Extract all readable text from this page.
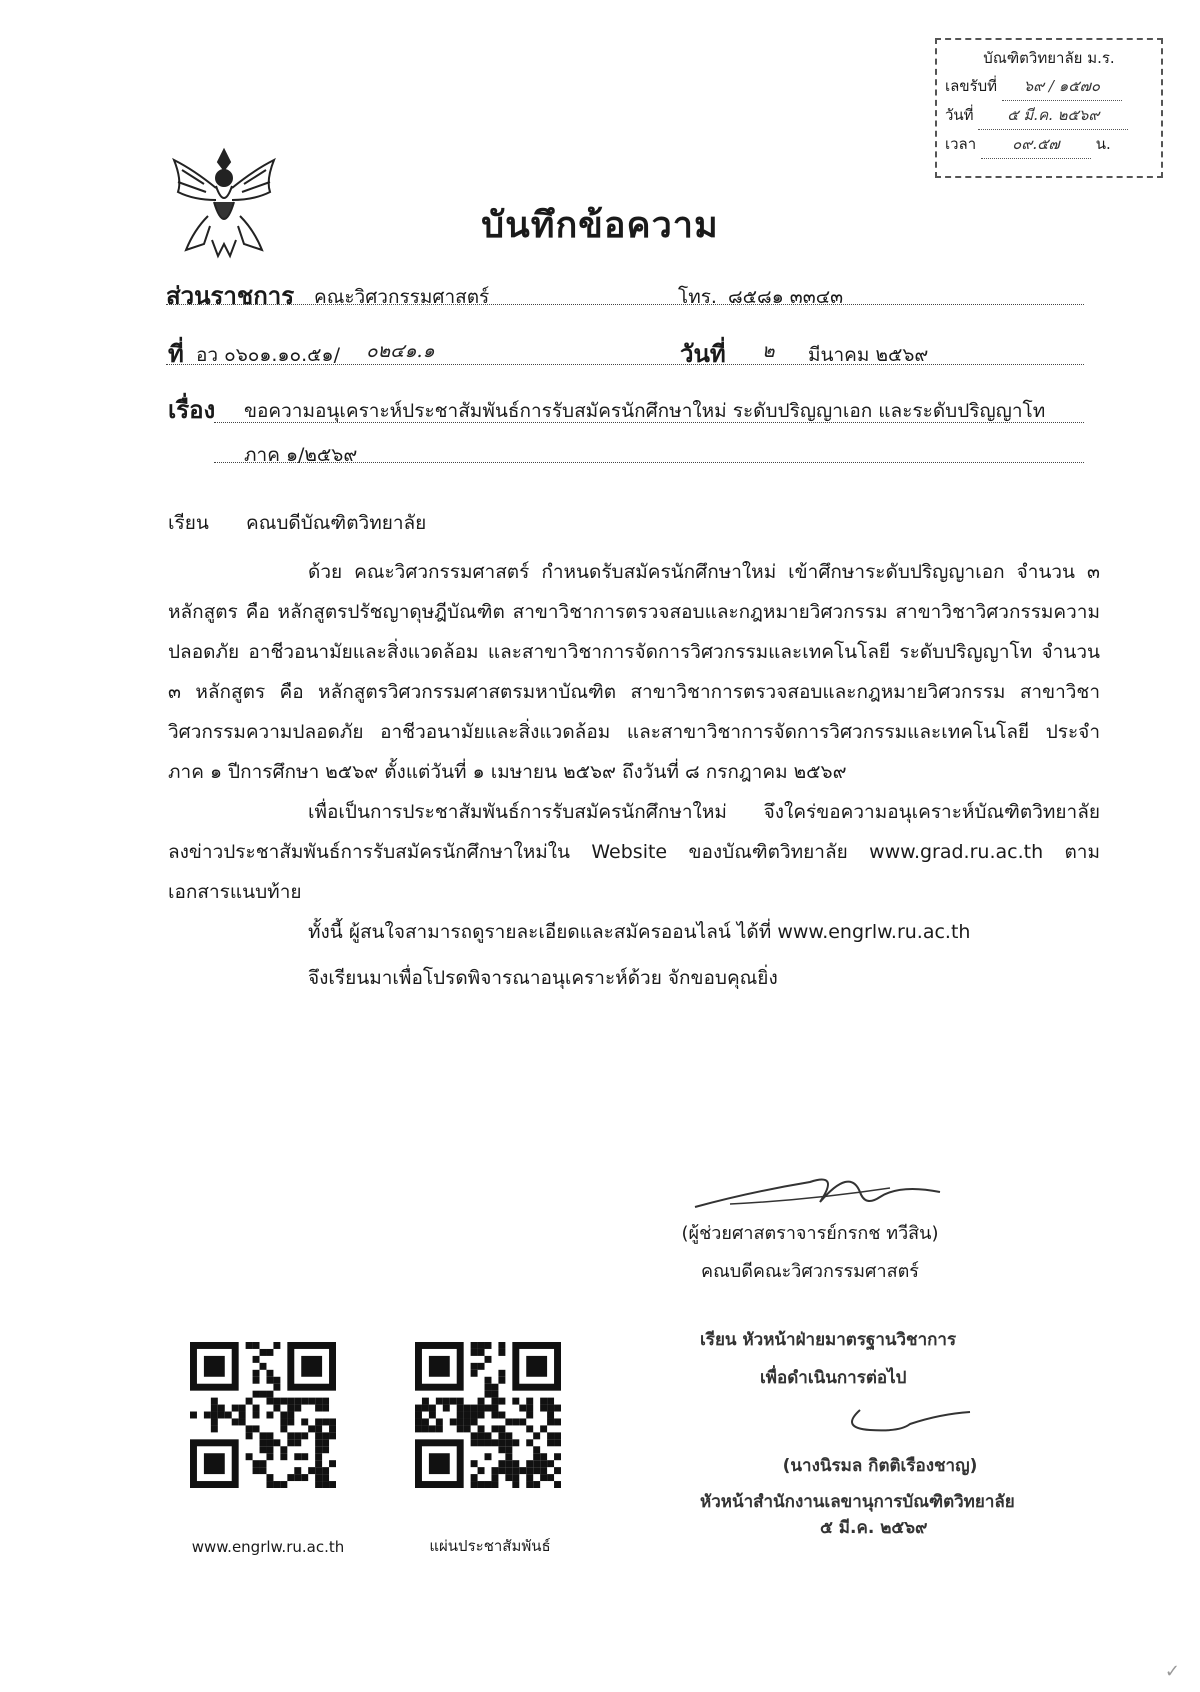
บัณฑิตวิทยาลัย ม.ร.
เลขรับที่ ๖๙ / ๑๕๗๐
วันที่ ๕ มี.ค. ๒๕๖๙
เวลา ๐๙.๕๗ น.
บันทึกข้อความ
ส่วนราชการ คณะวิศวกรรมศาสตร์	โทร. ๘๕๘๑ ๓๓๔๓
ที่ อว ๐๖๐๑.๑๐.๕๑/ ๐๒๔๑.๑	วันที่ ๒ มีนาคม ๒๕๖๙
เรื่อง ขอความอนุเคราะห์ประชาสัมพันธ์การรับสมัครนักศึกษาใหม่ ระดับปริญญาเอก และระดับปริญญาโท
ภาค ๑/๒๕๖๙
เรียน คณบดีบัณฑิตวิทยาลัย

ด้วย คณะวิศวกรรมศาสตร์ กำหนดรับสมัครนักศึกษาใหม่ เข้าศึกษาระดับปริญญาเอก จำนวน ๓ หลักสูตร คือ หลักสูตรปรัชญาดุษฎีบัณฑิต สาขาวิชาการตรวจสอบและกฎหมายวิศวกรรม สาขาวิชาวิศวกรรมความปลอดภัย อาชีวอนามัยและสิ่งแวดล้อม และสาขาวิชาการจัดการวิศวกรรมและเทคโนโลยี ระดับปริญญาโท จำนวน ๓ หลักสูตร คือ หลักสูตรวิศวกรรมศาสตรมหาบัณฑิต สาขาวิชาการตรวจสอบและกฎหมายวิศวกรรม สาขาวิชาวิศวกรรมความปลอดภัย อาชีวอนามัยและสิ่งแวดล้อม และสาขาวิชาการจัดการวิศวกรรมและเทคโนโลยี ประจำภาค ๑ ปีการศึกษา ๒๕๖๙ ตั้งแต่วันที่ ๑ เมษายน ๒๕๖๙ ถึงวันที่ ๘ กรกฎาคม ๒๕๖๙

เพื่อเป็นการประชาสัมพันธ์การรับสมัครนักศึกษาใหม่ จึงใคร่ขอความอนุเคราะห์บัณฑิตวิทยาลัย ลงข่าวประชาสัมพันธ์การรับสมัครนักศึกษาใหม่ใน Website ของบัณฑิตวิทยาลัย www.grad.ru.ac.th ตามเอกสารแนบท้าย

ทั้งนี้ ผู้สนใจสามารถดูรายละเอียดและสมัครออนไลน์ ได้ที่ www.engrlw.ru.ac.th

จึงเรียนมาเพื่อโปรดพิจารณาอนุเคราะห์ด้วย จักขอบคุณยิ่ง

(ผู้ช่วยศาสตราจารย์กรกช ทวีสิน)
คณบดีคณะวิศวกรรมศาสตร์
เรียน หัวหน้าฝ่ายมาตรฐานวิชาการ
เพื่อดำเนินการต่อไป
(นางนิรมล กิตติเรืองชาญ)
หัวหน้าสำนักงานเลขานุการบัณฑิตวิทยาลัย
๕ มี.ค. ๒๕๖๙
www.engrlw.ru.ac.th	แผ่นประชาสัมพันธ์
✓
